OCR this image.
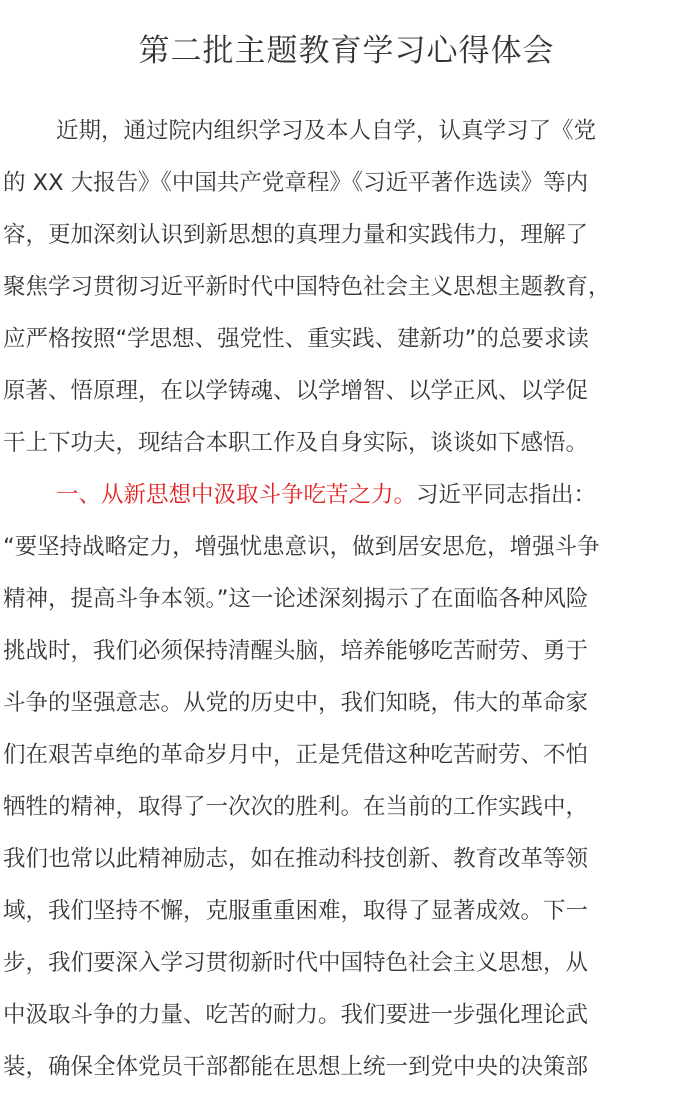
第二批主题教育学习心得体会
近期，通过院内组织学习及本人自学，认真学习了《党
的 XX 大报告》《中国共产党章程》《习近平著作选读》等内
容，更加深刻认识到新思想的真理力量和实践伟力，理解了
聚焦学习贯彻习近平新时代中国特色社会主义思想主题教育，
应严格按照“学思想、强党性、重实践、建新功”的总要求读
原著、悟原理，在以学铸魂、以学增智、以学正风、以学促
干上下功夫，现结合本职工作及自身实际，谈谈如下感悟。
一、从新思想中汲取斗争吃苦之力。习近平同志指出：
“要坚持战略定力，增强忧患意识，做到居安思危，增强斗争
精神，提高斗争本领。”这一论述深刻揭示了在面临各种风险
挑战时，我们必须保持清醒头脑，培养能够吃苦耐劳、勇于
斗争的坚强意志。从党的历史中，我们知晓，伟大的革命家
们在艰苦卓绝的革命岁月中，正是凭借这种吃苦耐劳、不怕
牺牲的精神，取得了一次次的胜利。在当前的工作实践中，
我们也常以此精神励志，如在推动科技创新、教育改革等领
域，我们坚持不懈，克服重重困难，取得了显著成效。下一
步，我们要深入学习贯彻新时代中国特色社会主义思想，从
中汲取斗争的力量、吃苦的耐力。我们要进一步强化理论武
装，确保全体党员干部都能在思想上统一到党中央的决策部
